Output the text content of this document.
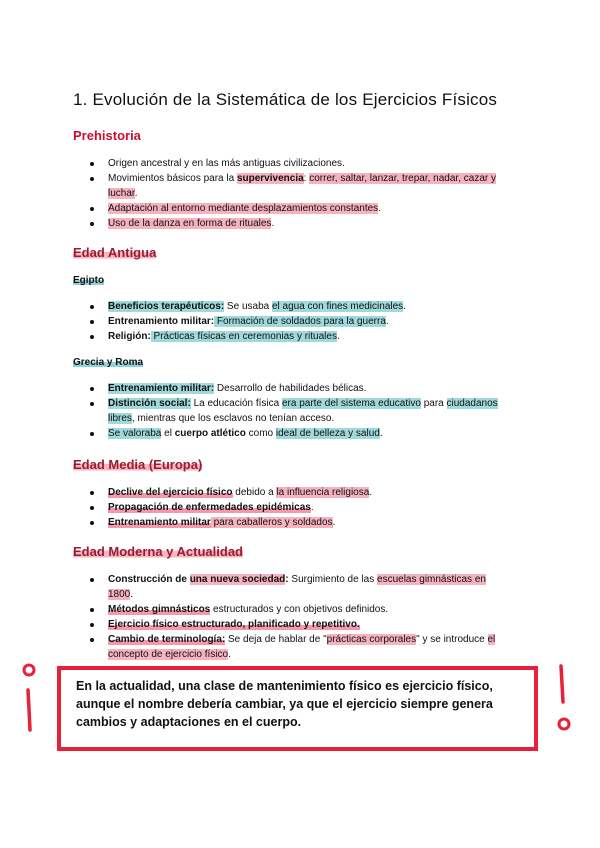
1. Evolución de la Sistemática de los Ejercicios Físicos

Prehistoria

Origen ancestral y en las más antiguas civilizaciones.
Movimientos básicos para la supervivencia: correr, saltar, lanzar, trepar, nadar, cazar y luchar.
Adaptación al entorno mediante desplazamientos constantes.
Uso de la danza en forma de rituales.

Edad Antigua

Egipto

Beneficios terapéuticos: Se usaba el agua con fines medicinales.
Entrenamiento militar: Formación de soldados para la guerra.
Religión: Prácticas físicas en ceremonias y rituales.

Grecia y Roma

Entrenamiento militar: Desarrollo de habilidades bélicas.
Distinción social: La educación física era parte del sistema educativo para ciudadanos libres, mientras que los esclavos no tenían acceso.
Se valoraba el cuerpo atlético como ideal de belleza y salud.

Edad Media (Europa)

Declive del ejercicio físico debido a la influencia religiosa.
Propagación de enfermedades epidémicas.
Entrenamiento militar para caballeros y soldados.

Edad Moderna y Actualidad

Construcción de una nueva sociedad: Surgimiento de las escuelas gimnásticas en 1800.
Métodos gimnásticos estructurados y con objetivos definidos.
Ejercicio físico estructurado, planificado y repetitivo.
Cambio de terminología: Se deja de hablar de "prácticas corporales" y se introduce el concepto de ejercicio físico.

En la actualidad, una clase de mantenimiento físico es ejercicio físico, aunque el nombre debería cambiar, ya que el ejercicio siempre genera cambios y adaptaciones en el cuerpo.
